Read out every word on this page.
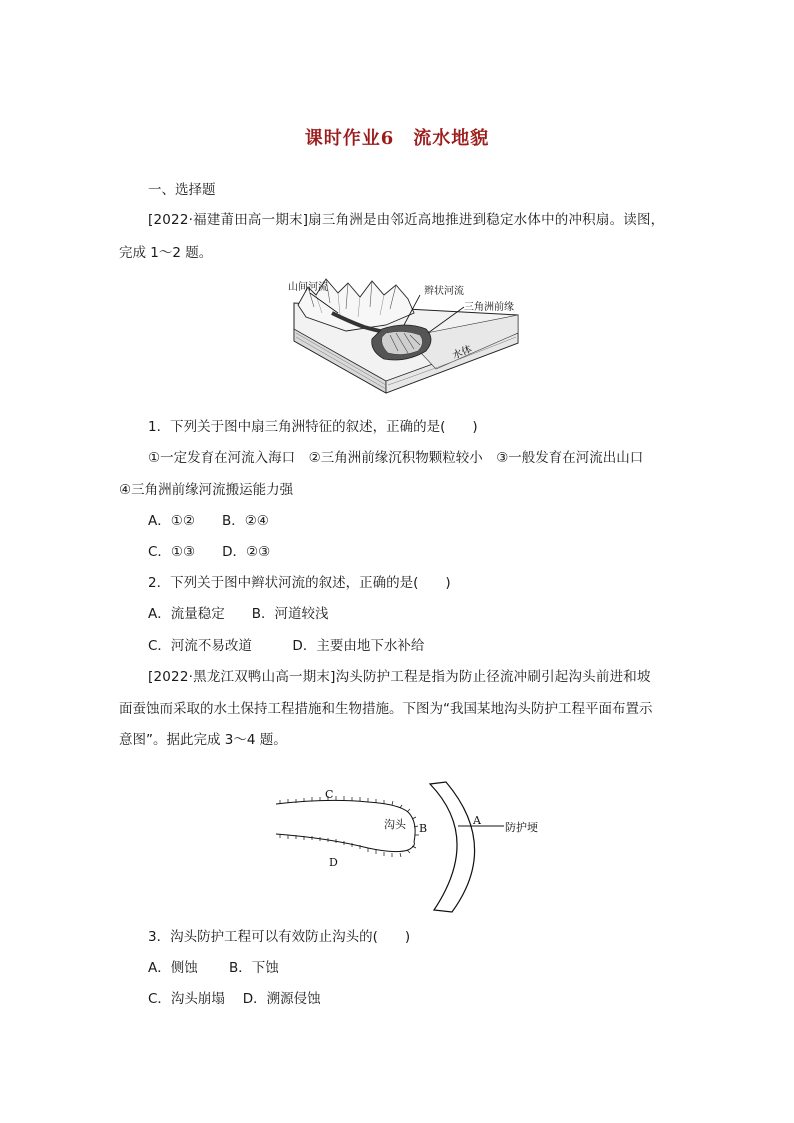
课时作业6　流水地貌
一、选择题
[2022·福建莆田高一期末]扇三角洲是由邻近高地推进到稳定水体中的冲积扇。读图，
完成 1～2 题。
山间河流	辫状河流
三角洲前缘
水体
1．下列关于图中扇三角洲特征的叙述，正确的是(　　)
①一定发育在河流入海口　②三角洲前缘沉积物颗粒较小　③一般发育在河流出山口
④三角洲前缘河流搬运能力强
A．①②　　B．②④
C．①③　　D．②③
2．下列关于图中辫状河流的叙述，正确的是(　　)
A．流量稳定　　B．河道较浅
C．河流不易改道　　　D．主要由地下水补给
[2022·黑龙江双鸭山高一期末]沟头防护工程是指为防止径流冲刷引起沟头前进和坡
面蚕蚀而采取的水土保持工程措施和生物措施。下图为“我国某地沟头防护工程平面布置示
意图”。据此完成 3～4 题。
C
D
沟头 B
A
防护埂
3．沟头防护工程可以有效防止沟头的(　　)
A．侧蚀　　 B．下蚀
C．沟头崩塌　 D．溯源侵蚀
